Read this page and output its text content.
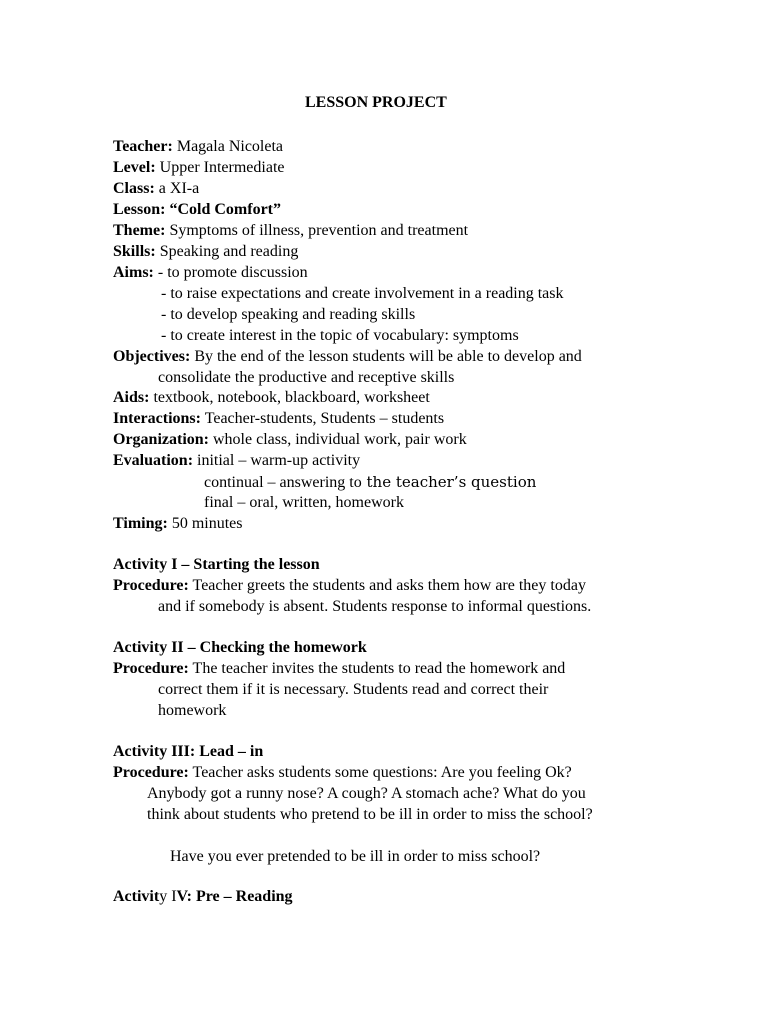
LESSON PROJECT
Teacher: Magala Nicoleta
Level: Upper Intermediate
Class: a XI-a
Lesson: “Cold Comfort”
Theme: Symptoms of illness, prevention and treatment
Skills: Speaking and reading
Aims: - to promote discussion
- to raise expectations and create involvement in a reading task
- to develop speaking and reading skills
- to create interest in the topic of vocabulary: symptoms
Objectives: By the end of the lesson students will be able to develop and
consolidate the productive and receptive skills
Aids: textbook, notebook, blackboard, worksheet
Interactions: Teacher-students, Students – students
Organization: whole class, individual work, pair work
Evaluation: initial – warm-up activity
continual – answering to the teacher’s question
final – oral, written, homework
Timing: 50 minutes
Activity I – Starting the lesson
Procedure: Teacher greets the students and asks them how are they today
and if somebody is absent. Students response to informal questions.
Activity II – Checking the homework
Procedure: The teacher invites the students to read the homework and
correct them if it is necessary. Students read and correct their
homework
Activity III: Lead – in
Procedure: Teacher asks students some questions: Are you feeling Ok?
Anybody got a runny nose? A cough? A stomach ache? What do you
think about students who pretend to be ill in order to miss the school?
Have you ever pretended to be ill in order to miss school?
Activity IV: Pre – Reading
